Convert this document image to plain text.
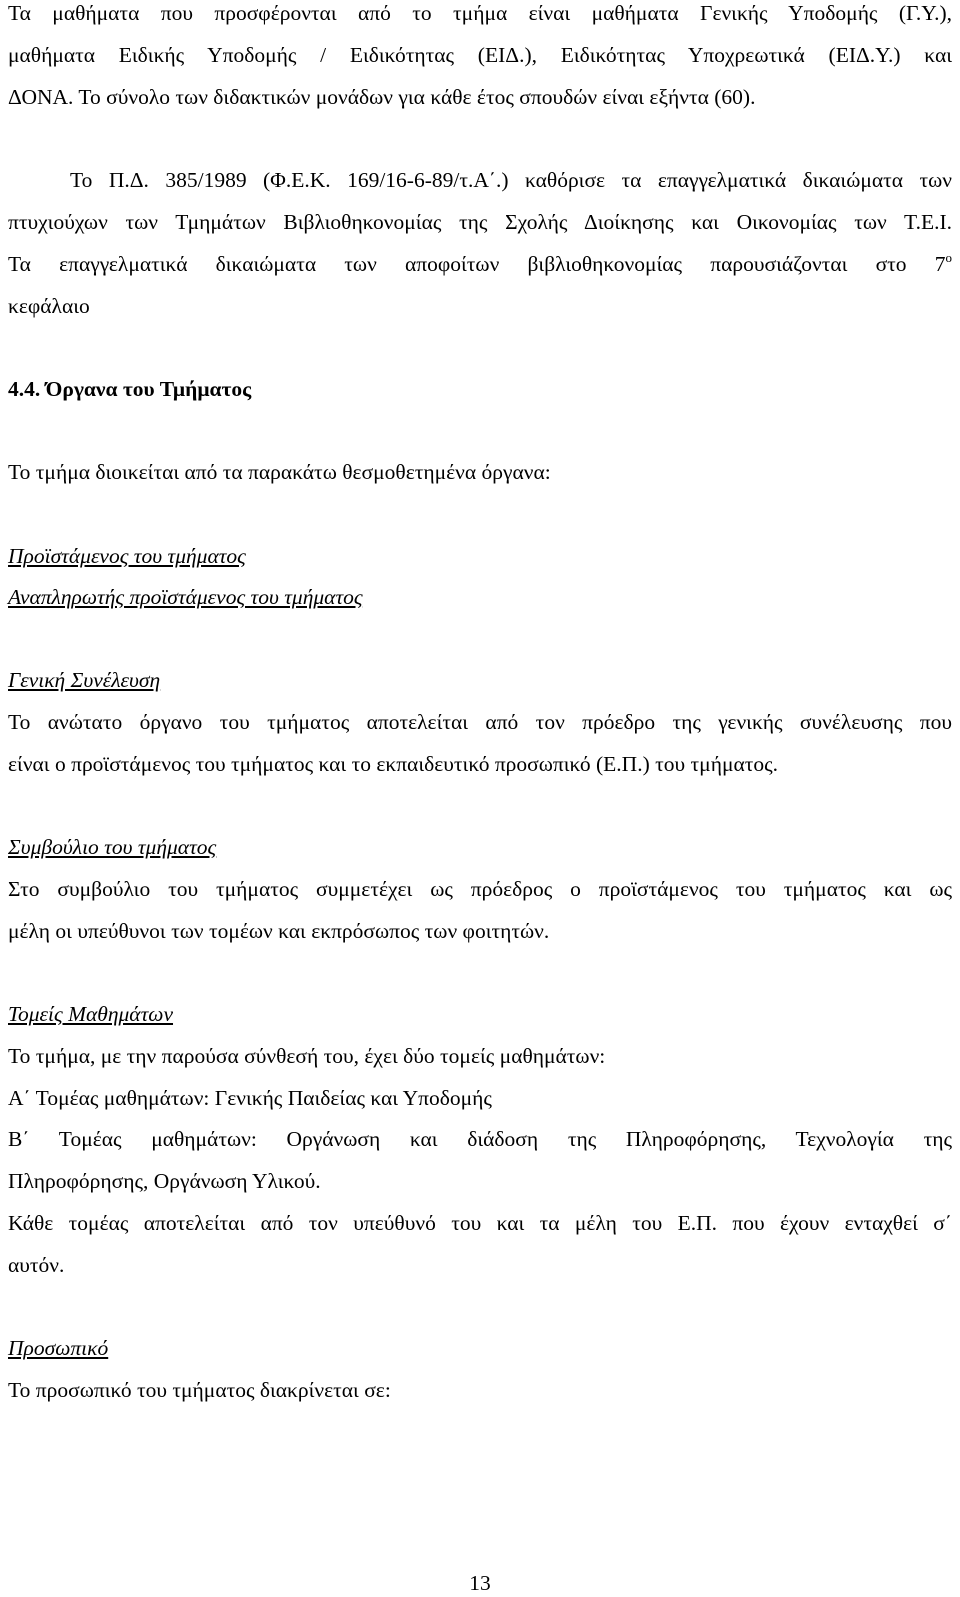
Τα μαθήματα που προσφέρονται από το τμήμα είναι μαθήματα Γενικής Υποδομής (Γ.Υ.),
μαθήματα Ειδικής Υποδομής / Ειδικότητας (ΕΙΔ.), Ειδικότητας Υποχρεωτικά (ΕΙΔ.Υ.) και
ΔΟΝΑ. Το σύνολο των διδακτικών μονάδων για κάθε έτος σπουδών είναι εξήντα (60).
Το Π.Δ. 385/1989 (Φ.Ε.Κ. 169/16-6-89/τ.Α΄.) καθόρισε τα επαγγελματικά δικαιώματα των
πτυχιούχων των Τμημάτων Βιβλιοθηκονομίας της Σχολής Διοίκησης και Οικονομίας των Τ.Ε.Ι.
Τα επαγγελματικά δικαιώματα των αποφοίτων βιβλιοθηκονομίας παρουσιάζονται στο $7^o$
κεφάλαιο
4.4. Όργανα του Τμήματος
Το τμήμα διοικείται από τα παρακάτω θεσμοθετημένα όργανα:
Προϊστάμενος του τμήματος
Αναπληρωτής προϊστάμενος του τμήματος
Γενική Συνέλευση
Το ανώτατο όργανο του τμήματος αποτελείται από τον πρόεδρο της γενικής συνέλευσης που
είναι ο προϊστάμενος του τμήματος και το εκπαιδευτικό προσωπικό (Ε.Π.) του τμήματος.
Συμβούλιο του τμήματος
Στο συμβούλιο του τμήματος συμμετέχει ως πρόεδρος ο προϊστάμενος του τμήματος και ως
μέλη οι υπεύθυνοι των τομέων και εκπρόσωπος των φοιτητών.
Τομείς Μαθημάτων
Το τμήμα, με την παρούσα σύνθεσή του, έχει δύο τομείς μαθημάτων:
Α΄ Τομέας μαθημάτων: Γενικής Παιδείας και Υποδομής
Β΄ Τομέας μαθημάτων: Οργάνωση και διάδοση της Πληροφόρησης, Τεχνολογία της
Πληροφόρησης, Οργάνωση Υλικού.
Κάθε τομέας αποτελείται από τον υπεύθυνό του και τα μέλη του Ε.Π. που έχουν ενταχθεί σ΄
αυτόν.
Προσωπικό
Το προσωπικό του τμήματος διακρίνεται σε:
13
